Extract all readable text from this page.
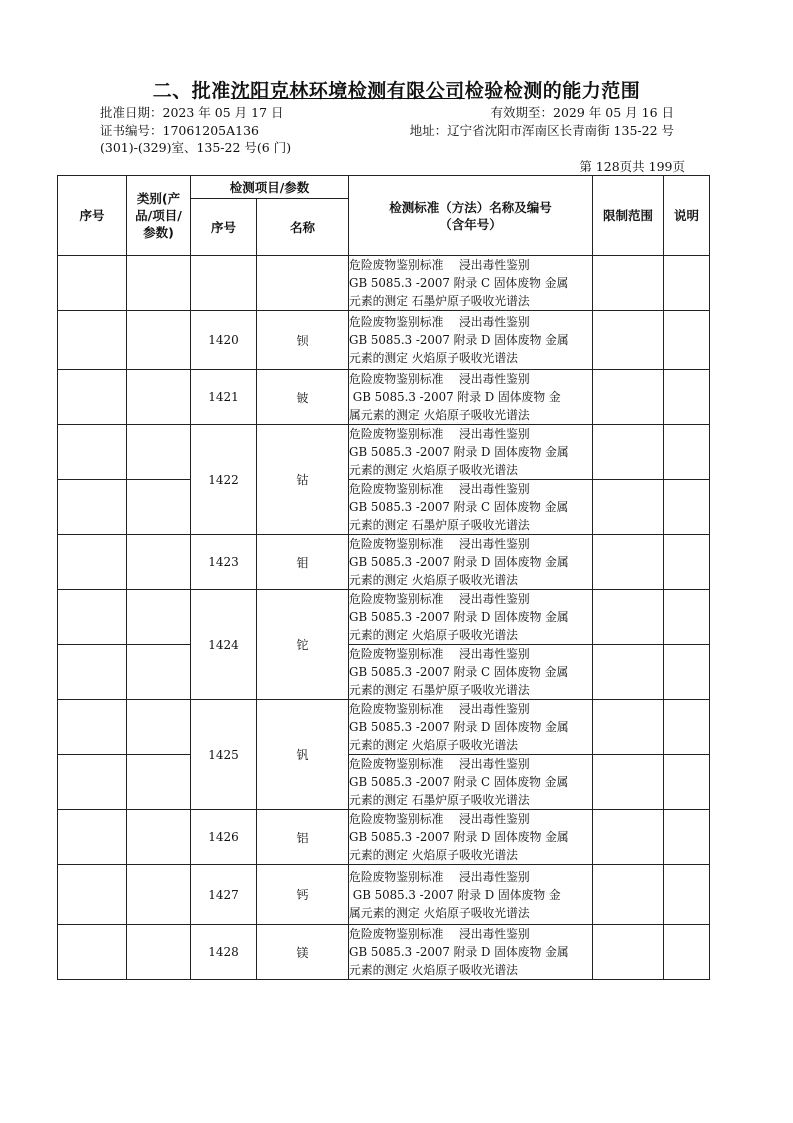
二、批准沈阳克林环境检测有限公司检验检测的能力范围
批准日期：2023 年 05 月 17 日	有效期至：2029 年 05 月 16 日
证书编号：17061205A136	地址：辽宁省沈阳市浑南区长青南街 135-22 号
(301)-(329)室、135-22 号(6 门)
第 128页共 199页
序号	类别(产品/项目/参数)	检测项目/参数		检测标准（方法）名称及编号（含年号）	限制范围	说明
		序号	名称			

				危险废物鉴别标准　 浸出毒性鉴别
GB 5085.3 -2007 附录 C 固体废物 金属
元素的测定 石墨炉原子吸收光谱法		

		1420	钡	危险废物鉴别标准　 浸出毒性鉴别
GB 5085.3 -2007 附录 D 固体废物 金属
元素的测定 火焰原子吸收光谱法		

		1421	铍	危险废物鉴别标准　 浸出毒性鉴别
GB 5085.3 -2007 附录 D 固体废物 金
属元素的测定 火焰原子吸收光谱法		

		1422	钴	危险废物鉴别标准　 浸出毒性鉴别
GB 5085.3 -2007 附录 D 固体废物 金属
元素的测定 火焰原子吸收光谱法		

				危险废物鉴别标准　 浸出毒性鉴别
GB 5085.3 -2007 附录 C 固体废物 金属
元素的测定 石墨炉原子吸收光谱法		

		1423	钼	危险废物鉴别标准　 浸出毒性鉴别
GB 5085.3 -2007 附录 D 固体废物 金属
元素的测定 火焰原子吸收光谱法		

		1424	铊	危险废物鉴别标准　 浸出毒性鉴别
GB 5085.3 -2007 附录 D 固体废物 金属
元素的测定 火焰原子吸收光谱法		

				危险废物鉴别标准　 浸出毒性鉴别
GB 5085.3 -2007 附录 C 固体废物 金属
元素的测定 石墨炉原子吸收光谱法		

		1425	钒	危险废物鉴别标准　 浸出毒性鉴别
GB 5085.3 -2007 附录 D 固体废物 金属
元素的测定 火焰原子吸收光谱法		

				危险废物鉴别标准　 浸出毒性鉴别
GB 5085.3 -2007 附录 C 固体废物 金属
元素的测定 石墨炉原子吸收光谱法		

		1426	铝	危险废物鉴别标准　 浸出毒性鉴别
GB 5085.3 -2007 附录 D 固体废物 金属
元素的测定 火焰原子吸收光谱法		

		1427	钙	危险废物鉴别标准　 浸出毒性鉴别
GB 5085.3 -2007 附录 D 固体废物 金
属元素的测定 火焰原子吸收光谱法		

		1428	镁	危险废物鉴别标准　 浸出毒性鉴别
GB 5085.3 -2007 附录 D 固体废物 金属
元素的测定 火焰原子吸收光谱法		
